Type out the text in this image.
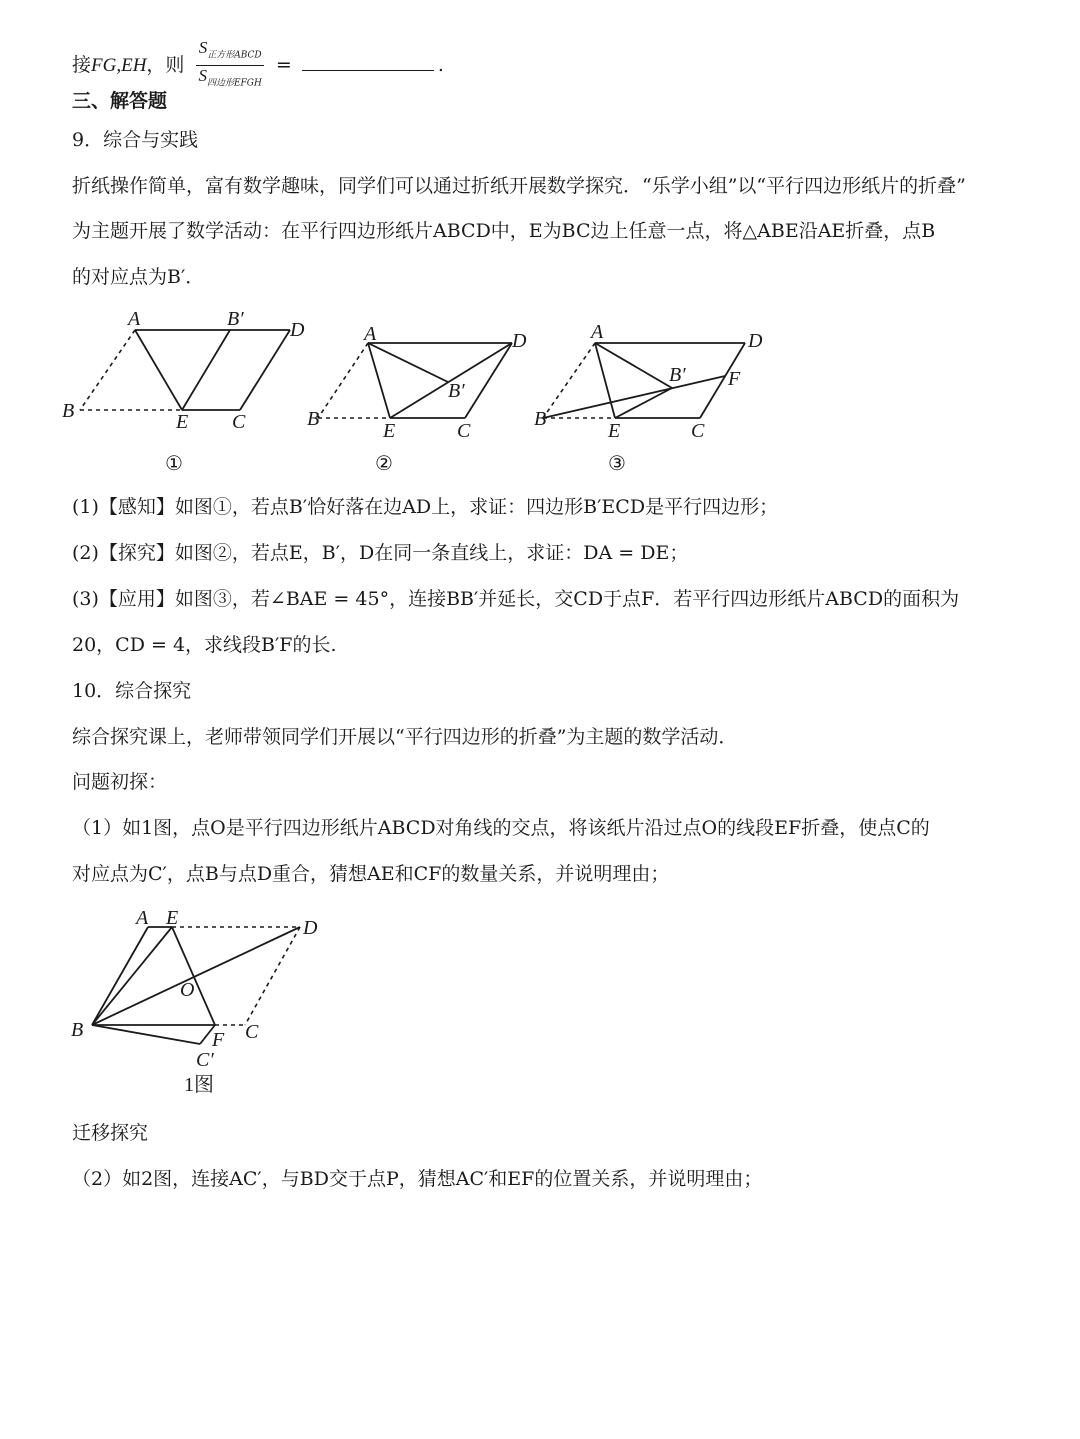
接FG,EH，则 $\frac{S_{正方形ABCD}}{S_{四边形EFGH}}$ =	.
三、解答题
9．综合与实践
折纸操作简单，富有数学趣味，同学们可以通过折纸开展数学探究．“乐学小组”以“平行四边形纸片的折叠”
为主题开展了数学活动：在平行四边形纸片ABCD中，E为BC边上任意一点，将△ABE沿AE折叠，点B
的对应点为B′．
A	B′ D
B	E C
①
A	D
B′
B
E	C
②
A	D
B′ F
B
E	C
③
(1)【感知】如图①，若点B′恰好落在边AD上，求证：四边形B′ECD是平行四边形；
(2)【探究】如图②，若点E，B′，D在同一条直线上，求证：DA = DE；
(3)【应用】如图③，若∠BAE = 45°，连接BB′并延长，交CD于点F．若平行四边形纸片ABCD的面积为
20，CD = 4，求线段B′F的长.
10．综合探究
综合探究课上，老师带领同学们开展以“平行四边形的折叠”为主题的数学活动．
问题初探：
（1）如1图，点O是平行四边形纸片ABCD对角线的交点，将该纸片沿过点O的线段EF折叠，使点C的
对应点为C′，点B与点D重合，猜想AE和CF的数量关系，并说明理由；
A E	D
O
B	C
F
C′
1图
迁移探究
（2）如2图，连接AC′，与BD交于点P，猜想AC′和EF的位置关系，并说明理由；
